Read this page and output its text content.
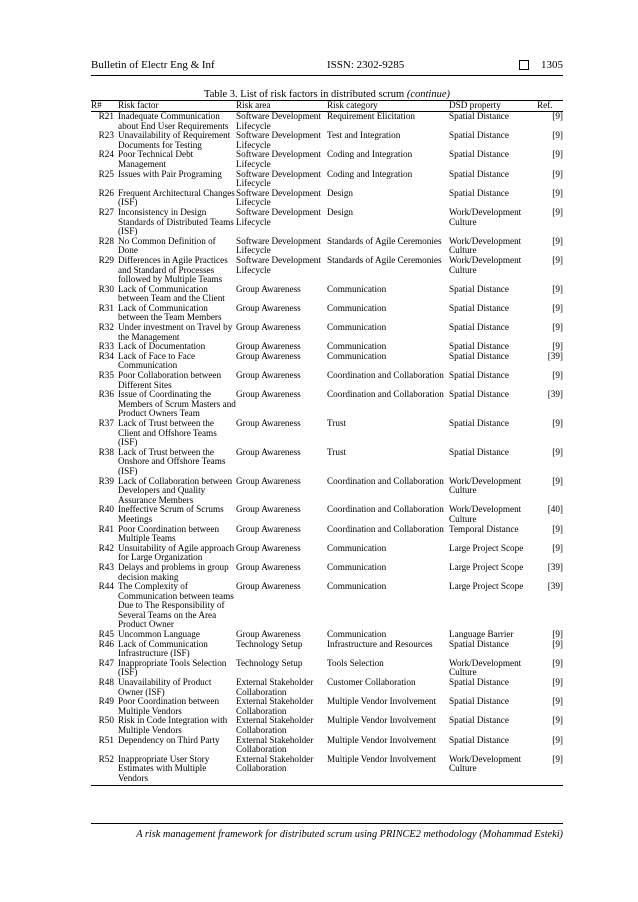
Bulletin of Electr Eng & Inf	ISSN: 2302-9285	1305
Table 3. List of risk factors in distributed scrum (continue)
R#	Risk factor	Risk area	Risk category	DSD property	Ref.
R21	Inadequate Communication about End User Requirements	Software Development Lifecycle	Requirement Elicitation	Spatial Distance	[9]
R23	Unavailability of Requirement Documents for Testing	Software Development Lifecycle	Test and Integration	Spatial Distance	[9]
R24	Poor Technical Debt Management	Software Development Lifecycle	Coding and Integration	Spatial Distance	[9]
R25	Issues with Pair Programing	Software Development Lifecycle	Coding and Integration	Spatial Distance	[9]
R26	Frequent Architectural Changes (ISF)	Software Development Lifecycle	Design	Spatial Distance	[9]
R27	Inconsistency in Design Standards of Distributed Teams (ISF)	Software Development Lifecycle	Design	Work/Development Culture	[9]
R28	No Common Definition of Done	Software Development Lifecycle	Standards of Agile Ceremonies	Work/Development Culture	[9]
R29	Differences in Agile Practices and Standard of Processes followed by Multiple Teams	Software Development Lifecycle	Standards of Agile Ceremonies	Work/Development Culture	[9]
R30	Lack of Communication between Team and the Client	Group Awareness	Communication	Spatial Distance	[9]
R31	Lack of Communication between the Team Members	Group Awareness	Communication	Spatial Distance	[9]
R32	Under investment on Travel by the Management	Group Awareness	Communication	Spatial Distance	[9]
R33	Lack of Documentation	Group Awareness	Communication	Spatial Distance	[9]
R34	Lack of Face to Face Communication	Group Awareness	Communication	Spatial Distance	[39]
R35	Poor Collaboration between Different Sites	Group Awareness	Coordination and Collaboration	Spatial Distance	[9]
R36	Issue of Coordinating the Members of Scrum Masters and Product Owners Team	Group Awareness	Coordination and Collaboration	Spatial Distance	[39]
R37	Lack of Trust between the Client and Offshore Teams (ISF)	Group Awareness	Trust	Spatial Distance	[9]
R38	Lack of Trust between the Onshore and Offshore Teams (ISF)	Group Awareness	Trust	Spatial Distance	[9]
R39	Lack of Collaboration between Developers and Quality Assurance Members	Group Awareness	Coordination and Collaboration	Work/Development Culture	[9]
R40	Ineffective Scrum of Scrums Meetings	Group Awareness	Coordination and Collaboration	Work/Development Culture	[40]
R41	Poor Coordination between Multiple Teams	Group Awareness	Coordination and Collaboration	Temporal Distance	[9]
R42	Unsuitability of Agile approach for Large Organization	Group Awareness	Communication	Large Project Scope	[9]
R43	Delays and problems in group decision making	Group Awareness	Communication	Large Project Scope	[39]
R44	The Complexity of Communication between teams Due to The Responsibility of Several Teams on the Area Product Owner	Group Awareness	Communication	Large Project Scope	[39]
R45	Uncommon Language	Group Awareness	Communication	Language Barrier	[9]
R46	Lack of Communication Infrastructure (ISF)	Technology Setup	Infrastructure and Resources	Spatial Distance	[9]
R47	Inappropriate Tools Selection (ISF)	Technology Setup	Tools Selection	Work/Development Culture	[9]
R48	Unavailability of Product Owner (ISF)	External Stakeholder Collaboration	Customer Collaboration	Spatial Distance	[9]
R49	Poor Coordination between Multiple Vendors	External Stakeholder Collaboration	Multiple Vendor Involvement	Spatial Distance	[9]
R50	Risk in Code Integration with Multiple Vendors	External Stakeholder Collaboration	Multiple Vendor Involvement	Spatial Distance	[9]
R51	Dependency on Third Party	External Stakeholder Collaboration	Multiple Vendor Involvement	Spatial Distance	[9]
R52	Inappropriate User Story Estimates with Multiple Vendors	External Stakeholder Collaboration	Multiple Vendor Involvement	Work/Development Culture	[9]
A risk management framework for distributed scrum using PRINCE2 methodology (Mohammad Esteki)
